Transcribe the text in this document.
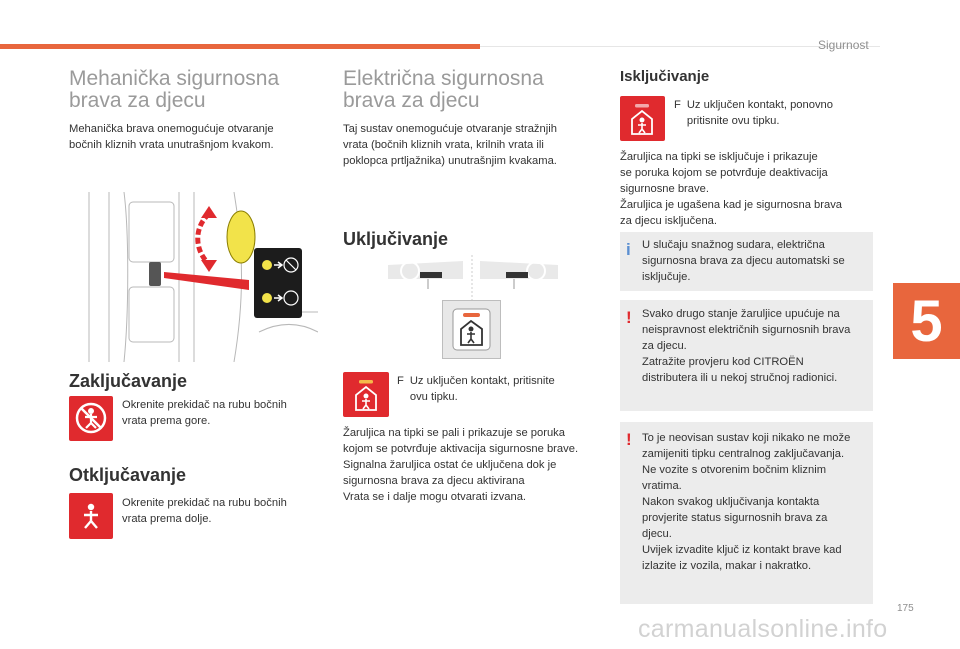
Sigurnost
Mehanička sigurnosna
brava za djecu

Mehanička brava onemogućuje otvaranje
bočnih kliznih vrata unutrašnjom kvakom.

Zaključavanje

Okrenite prekidač na rubu bočnih
vrata prema gore.

Otključavanje

Okrenite prekidač na rubu bočnih
vrata prema dolje.

Električna sigurnosna
brava za djecu

Taj sustav onemogućuje otvaranje stražnjih
vrata (bočnih kliznih vrata, krilnih vrata ili
poklopca prtljažnika) unutrašnjim kvakama.

Uključivanje
F Uz uključen kontakt, pritisnite
ovu tipku.

Žaruljica na tipki se pali i prikazuje se poruka
kojom se potvrđuje aktivacija sigurnosne brave.
Signalna žaruljica ostat će uključena dok je
sigurnosna brava za djecu aktivirana
Vrata se i dalje mogu otvarati izvana.

Isključivanje
F Uz uključen kontakt, ponovno
pritisnite ovu tipku.

Žaruljica na tipki se isključuje i prikazuje
se poruka kojom se potvrđuje deaktivacija
sigurnosne brave.
Žaruljica je ugašena kad je sigurnosna brava
za djecu isključena.

i U slučaju snažnog sudara, električna
sigurnosna brava za djecu automatski se
isključuje.

! Svako drugo stanje žaruljice upućuje na
neispravnost električnih sigurnosnih brava
za djecu.
Zatražite provjeru kod CITROËN
distributera ili u nekoj stručnoj radionici.

! To je neovisan sustav koji nikako ne može
zamijeniti tipku centralnog zaključavanja.
Ne vozite s otvorenim bočnim kliznim
vratima.
Nakon svakog uključivanja kontakta
provjerite status sigurnosnih brava za
djecu.
Uvijek izvadite ključ iz kontakt brave kad
izlazite iz vozila, makar i nakratko.

5
175
carmanualsonline.info
